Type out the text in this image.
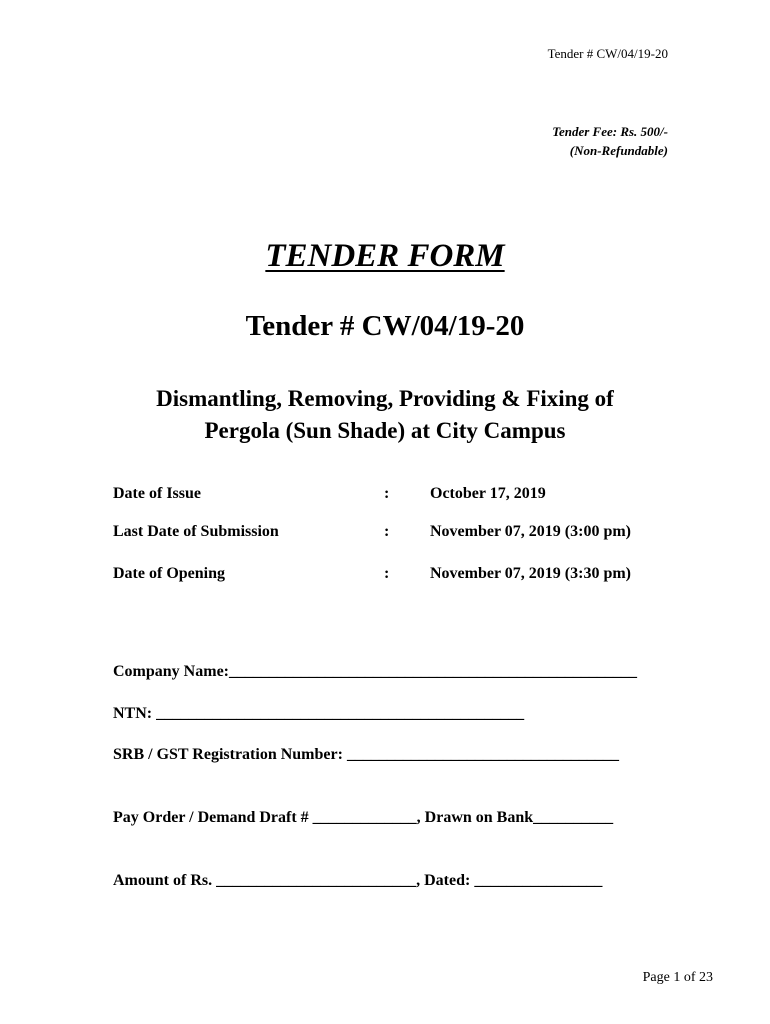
Tender # CW/04/19-20
Tender Fee: Rs. 500/-
(Non-Refundable)
TENDER FORM
Tender # CW/04/19-20
Dismantling, Removing, Providing & Fixing of
Pergola (Sun Shade) at City Campus
Date of Issue	:	October 17, 2019
Last Date of Submission	:	November 07, 2019 (3:00 pm)
Date of Opening	:	November 07, 2019 (3:30 pm)
Company Name:___________________________________________________
NTN: ______________________________________________
SRB / GST Registration Number: __________________________________
Pay Order / Demand Draft # _____________, Drawn on Bank__________
Amount of Rs. _________________________, Dated: ________________
Page 1 of 23
